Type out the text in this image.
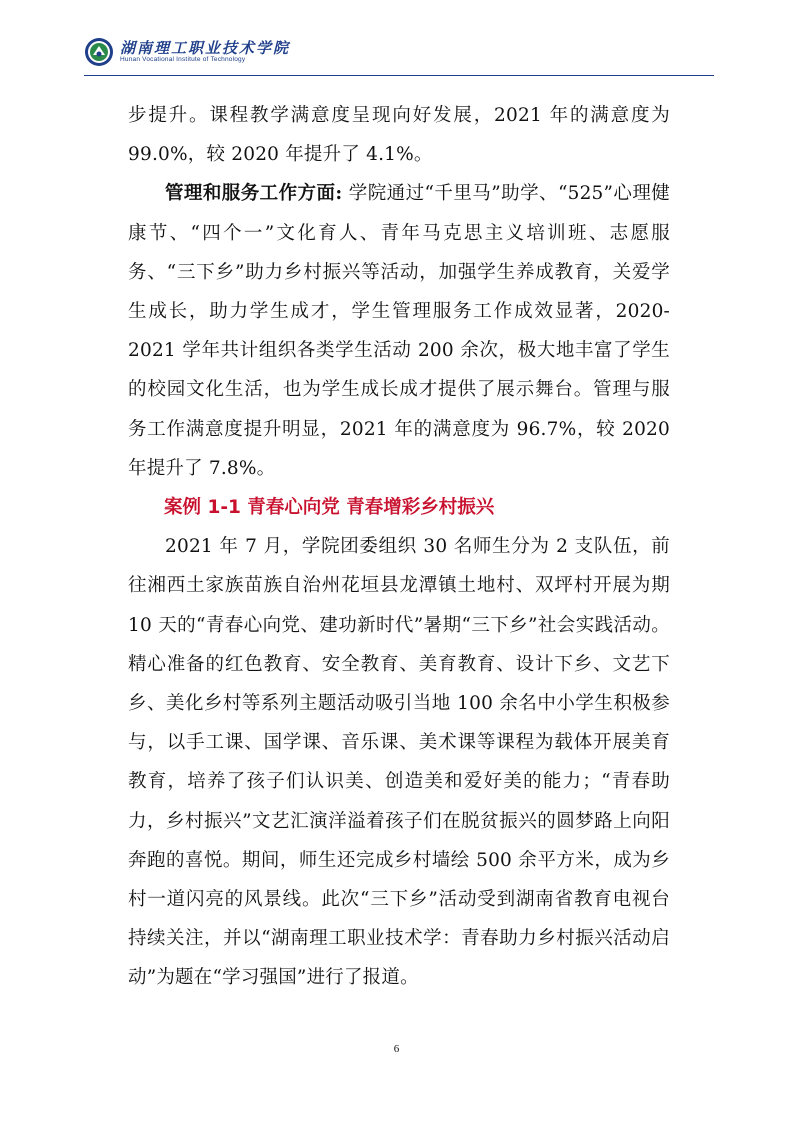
湖南理工职业技术学院
Hunan Vocational Institute of Technology

步提升。课程教学满意度呈现向好发展，2021 年的满意度为 99.0%，较 2020 年提升了 4.1%。

管理和服务工作方面: 学院通过“千里马”助学、“525”心理健康节、“四个一”文化育人、青年马克思主义培训班、志愿服务、“三下乡”助力乡村振兴等活动，加强学生养成教育，关爱学生成长，助力学生成才，学生管理服务工作成效显著，2020-2021 学年共计组织各类学生活动 200 余次，极大地丰富了学生的校园文化生活，也为学生成长成才提供了展示舞台。管理与服务工作满意度提升明显，2021 年的满意度为 96.7%，较 2020 年提升了 7.8%。

案例 1-1 青春心向党 青春增彩乡村振兴

2021 年 7 月，学院团委组织 30 名师生分为 2 支队伍，前往湘西土家族苗族自治州花垣县龙潭镇土地村、双坪村开展为期 10 天的“青春心向党、建功新时代”暑期“三下乡”社会实践活动。精心准备的红色教育、安全教育、美育教育、设计下乡、文艺下乡、美化乡村等系列主题活动吸引当地 100 余名中小学生积极参与，以手工课、国学课、音乐课、美术课等课程为载体开展美育教育，培养了孩子们认识美、创造美和爱好美的能力；“青春助力，乡村振兴”文艺汇演洋溢着孩子们在脱贫振兴的圆梦路上向阳奔跑的喜悦。期间，师生还完成乡村墙绘 500 余平方米，成为乡村一道闪亮的风景线。此次“三下乡”活动受到湖南省教育电视台持续关注，并以“湖南理工职业技术学：青春助力乡村振兴活动启动”为题在“学习强国”进行了报道。

6
